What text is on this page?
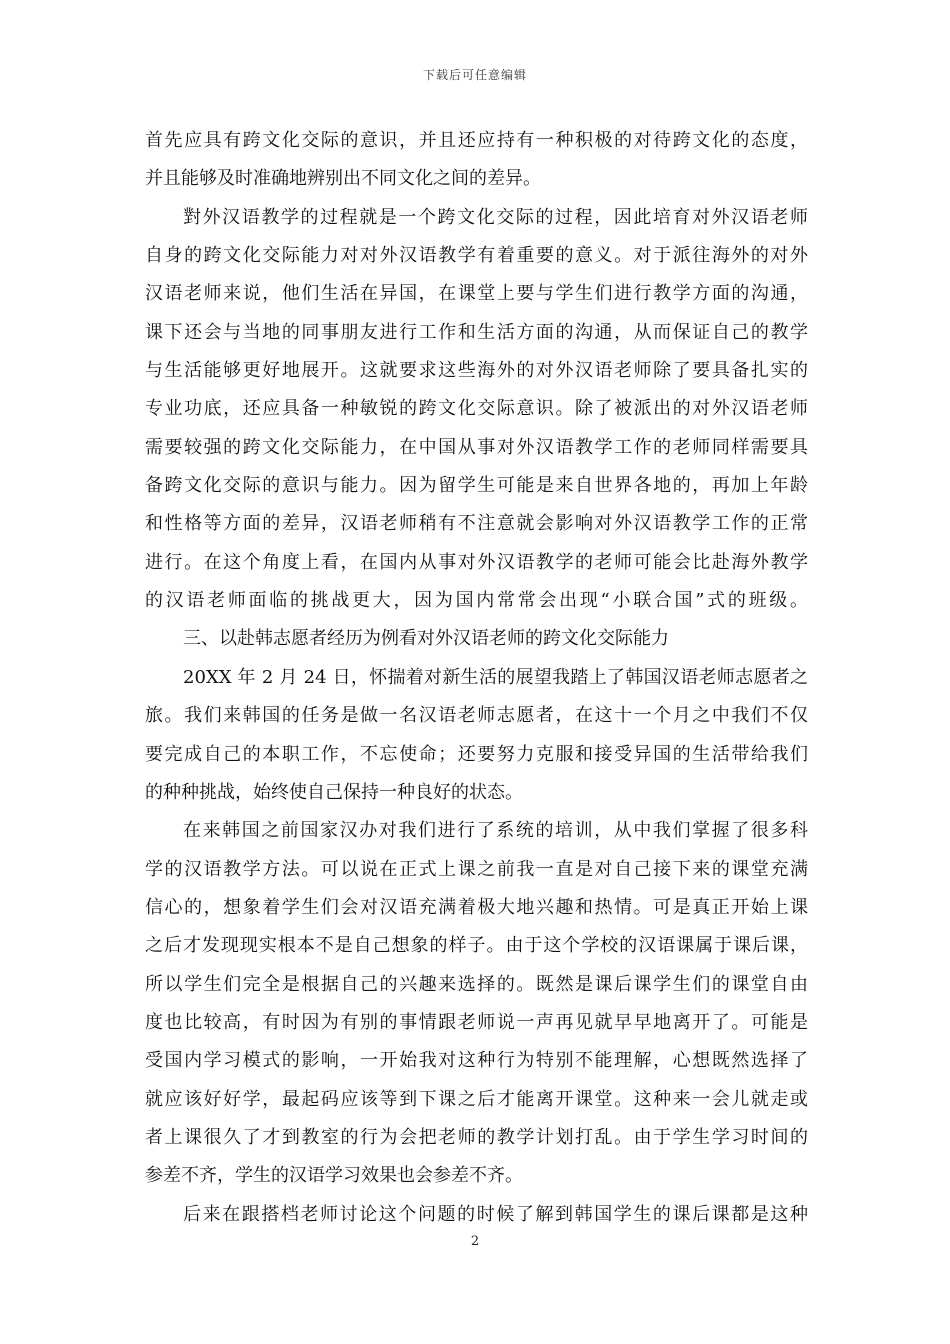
下载后可任意编辑
首先应具有跨文化交际的意识，并且还应持有一种积极的对待跨文化的态度，
并且能够及时准确地辨别出不同文化之间的差异。
對外汉语教学的过程就是一个跨文化交际的过程，因此培育对外汉语老师
自身的跨文化交际能力对对外汉语教学有着重要的意义。对于派往海外的对外
汉语老师来说，他们生活在异国，在课堂上要与学生们进行教学方面的沟通，
课下还会与当地的同事朋友进行工作和生活方面的沟通，从而保证自己的教学
与生活能够更好地展开。这就要求这些海外的对外汉语老师除了要具备扎实的
专业功底，还应具备一种敏锐的跨文化交际意识。除了被派出的对外汉语老师
需要较强的跨文化交际能力，在中国从事对外汉语教学工作的老师同样需要具
备跨文化交际的意识与能力。因为留学生可能是来自世界各地的，再加上年龄
和性格等方面的差异，汉语老师稍有不注意就会影响对外汉语教学工作的正常
进行。在这个角度上看，在国内从事对外汉语教学的老师可能会比赴海外教学
的汉语老师面临的挑战更大，因为国内常常会出现“小联合国”式的班级。
三、以赴韩志愿者经历为例看对外汉语老师的跨文化交际能力
20XX 年 2 月 24 日，怀揣着对新生活的展望我踏上了韩国汉语老师志愿者之
旅。我们来韩国的任务是做一名汉语老师志愿者，在这十一个月之中我们不仅
要完成自己的本职工作，不忘使命；还要努力克服和接受异国的生活带给我们
的种种挑战，始终使自己保持一种良好的状态。
在来韩国之前国家汉办对我们进行了系统的培训，从中我们掌握了很多科
学的汉语教学方法。可以说在正式上课之前我一直是对自己接下来的课堂充满
信心的，想象着学生们会对汉语充满着极大地兴趣和热情。可是真正开始上课
之后才发现现实根本不是自己想象的样子。由于这个学校的汉语课属于课后课，
所以学生们完全是根据自己的兴趣来选择的。既然是课后课学生们的课堂自由
度也比较高，有时因为有别的事情跟老师说一声再见就早早地离开了。可能是
受国内学习模式的影响，一开始我对这种行为特别不能理解，心想既然选择了
就应该好好学，最起码应该等到下课之后才能离开课堂。这种来一会儿就走或
者上课很久了才到教室的行为会把老师的教学计划打乱。由于学生学习时间的
参差不齐，学生的汉语学习效果也会参差不齐。
后来在跟搭档老师讨论这个问题的时候了解到韩国学生的课后课都是这种
2
